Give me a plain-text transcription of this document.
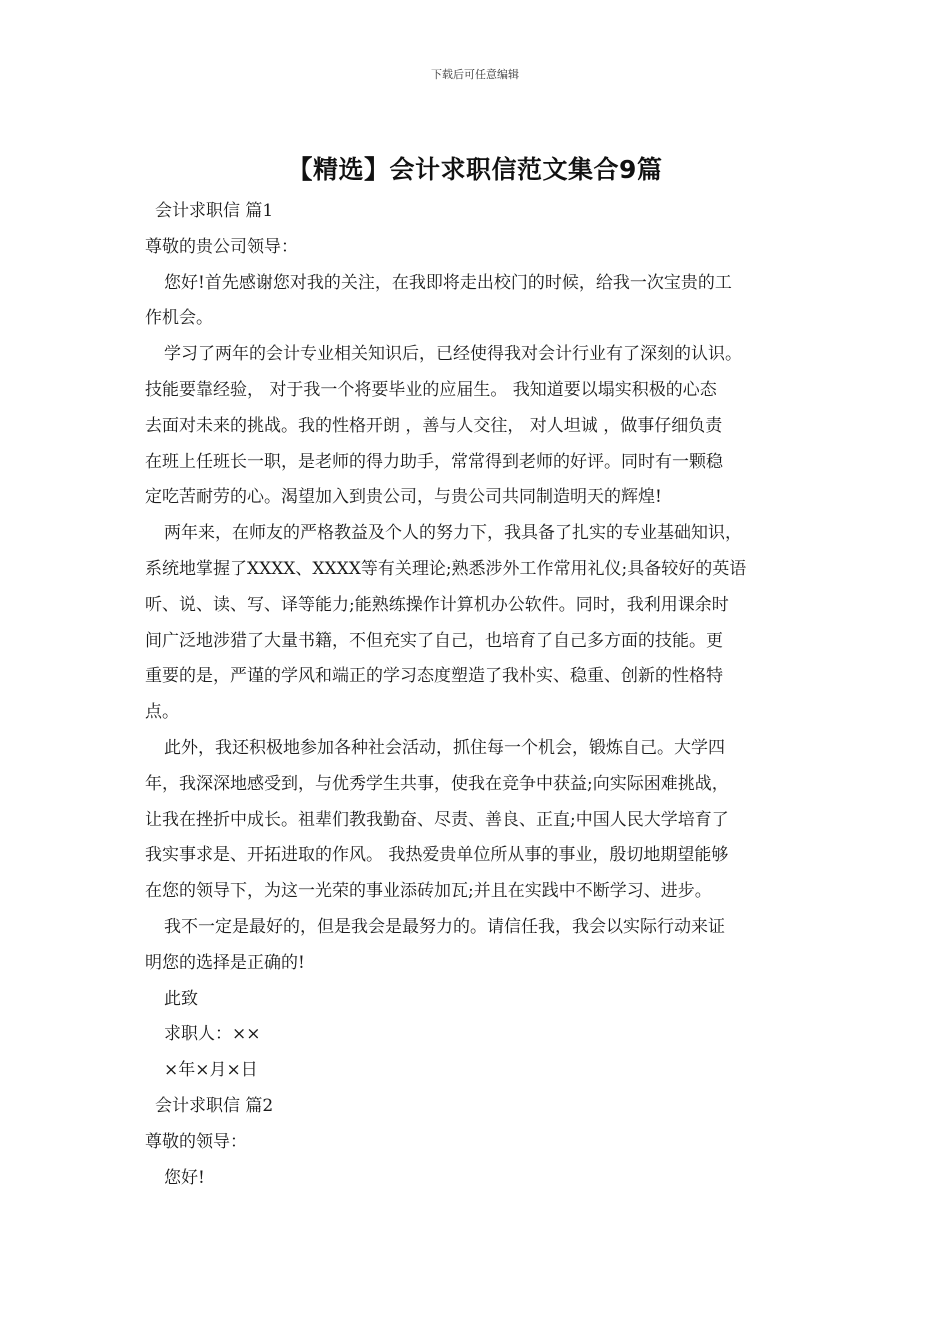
下载后可任意编辑
【精选】会计求职信范文集合9篇
会计求职信 篇1
尊敬的贵公司领导：
您好!首先感谢您对我的关注，在我即将走出校门的时候，给我一次宝贵的工
作机会。
学习了两年的会计专业相关知识后，已经使得我对会计行业有了深刻的认识。
技能要靠经验， 对于我一个将要毕业的应届生。 我知道要以塌实积极的心态
去面对未来的挑战。我的性格开朗 ，善与人交往， 对人坦诚 ，做事仔细负责
在班上任班长一职，是老师的得力助手，常常得到老师的好评。同时有一颗稳
定吃苦耐劳的心。渴望加入到贵公司，与贵公司共同制造明天的辉煌!
两年来，在师友的严格教益及个人的努力下，我具备了扎实的专业基础知识，
系统地掌握了XXXX、XXXX等有关理论;熟悉涉外工作常用礼仪;具备较好的英语
听、说、读、写、译等能力;能熟练操作计算机办公软件。同时，我利用课余时
间广泛地涉猎了大量书籍，不但充实了自己，也培育了自己多方面的技能。更
重要的是，严谨的学风和端正的学习态度塑造了我朴实、稳重、创新的性格特
点。
此外，我还积极地参加各种社会活动，抓住每一个机会，锻炼自己。大学四
年，我深深地感受到，与优秀学生共事，使我在竞争中获益;向实际困难挑战，
让我在挫折中成长。祖辈们教我勤奋、尽责、善良、正直;中国人民大学培育了
我实事求是、开拓进取的作风。 我热爱贵单位所从事的事业，殷切地期望能够
在您的领导下，为这一光荣的事业添砖加瓦;并且在实践中不断学习、进步。
我不一定是最好的，但是我会是最努力的。请信任我，我会以实际行动来证
明您的选择是正确的!
此致
求职人：××
×年×月×日
会计求职信 篇2
尊敬的领导：
您好!
